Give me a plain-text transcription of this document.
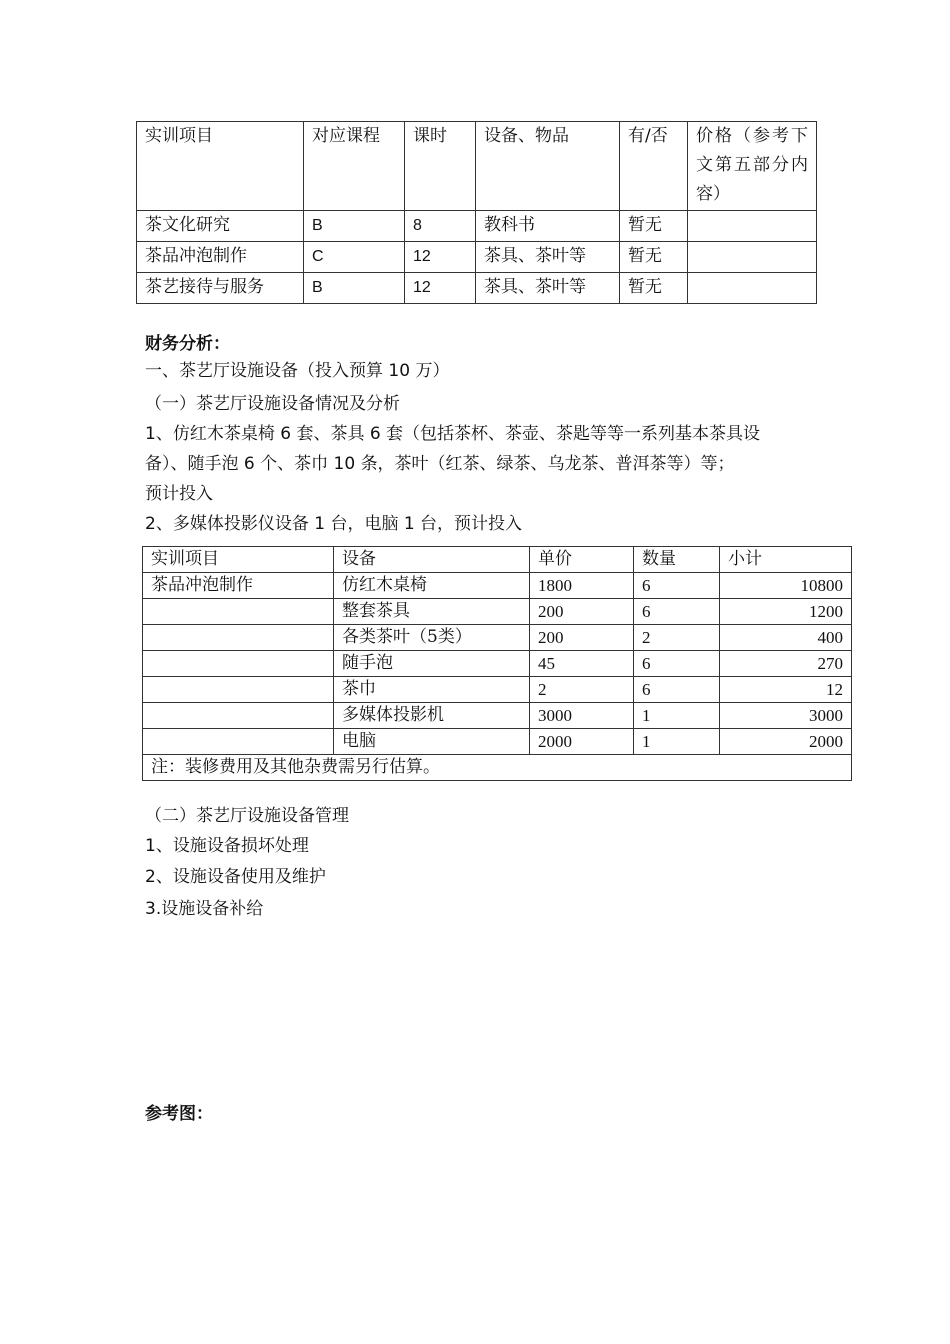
实训项目	对应课程	课时	设备、物品	有/否	价格（参考下文第五部分内容）
茶文化研究	B	8	教科书	暂无	
茶品冲泡制作	C	12	茶具、茶叶等	暂无	
茶艺接待与服务	B	12	茶具、茶叶等	暂无	
财务分析：
一、茶艺厅设施设备（投入预算 10 万）
（一）茶艺厅设施设备情况及分析
1、仿红木茶桌椅 6 套、茶具 6 套（包括茶杯、茶壶、茶匙等等一系列基本茶具设
备）、随手泡 6 个、茶巾 10 条，茶叶（红茶、绿茶、乌龙茶、普洱茶等）等；
预计投入
2、多媒体投影仪设备 1 台，电脑 1 台，预计投入
实训项目	设备	单价	数量	小计
茶品冲泡制作	仿红木桌椅	1800	6	10800
	整套茶具	200	6	1200
	各类茶叶（5类）	200	2	400
	随手泡	45	6	270
	茶巾	2	6	12
	多媒体投影机	3000	1	3000
	电脑	2000	1	2000
注：装修费用及其他杂费需另行估算。				
（二）茶艺厅设施设备管理
1、设施设备损坏处理
2、设施设备使用及维护
3.设施设备补给
参考图：
